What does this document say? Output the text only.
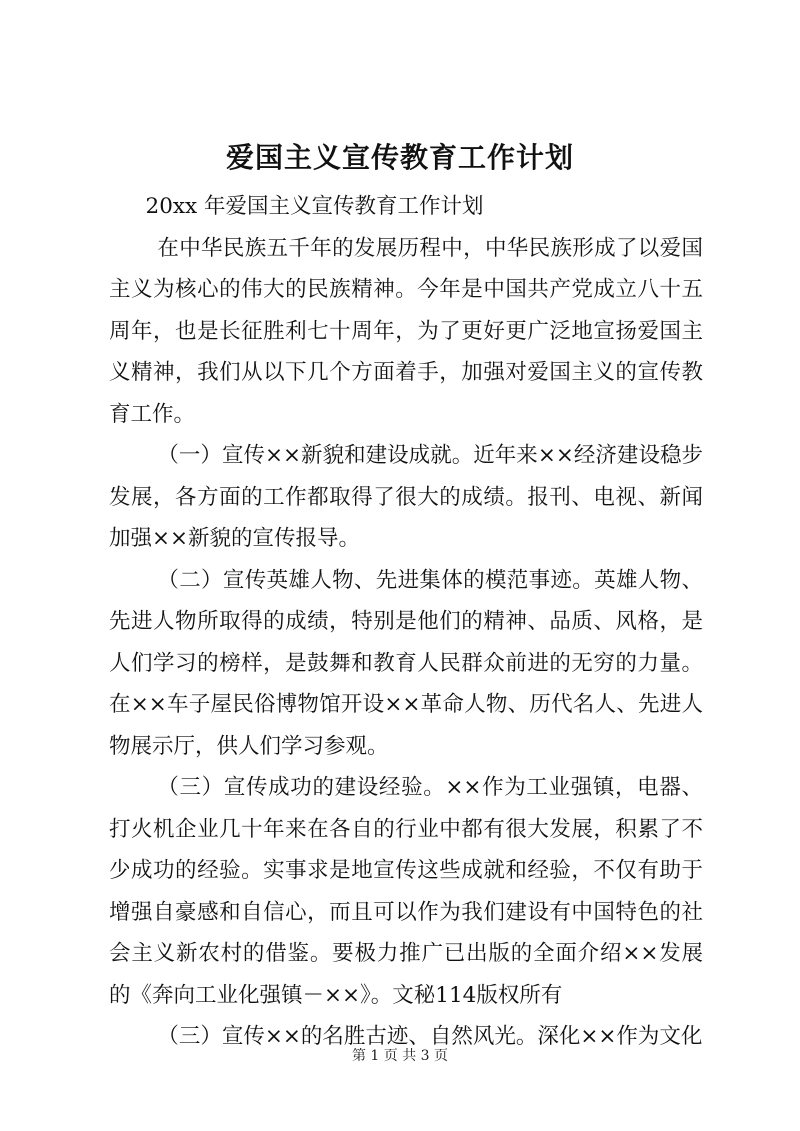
爱国主义宣传教育工作计划

20xx 年爱国主义宣传教育工作计划

在中华民族五千年的发展历程中，中华民族形成了以爱国主义为核心的伟大的民族精神。今年是中国共产党成立八十五周年，也是长征胜利七十周年，为了更好更广泛地宣扬爱国主义精神，我们从以下几个方面着手，加强对爱国主义的宣传教育工作。

（一）宣传××新貌和建设成就。近年来××经济建设稳步发展，各方面的工作都取得了很大的成绩。报刊、电视、新闻加强××新貌的宣传报导。

（二）宣传英雄人物、先进集体的模范事迹。英雄人物、先进人物所取得的成绩，特别是他们的精神、品质、风格，是人们学习的榜样，是鼓舞和教育人民群众前进的无穷的力量。在××车子屋民俗博物馆开设××革命人物、历代名人、先进人物展示厅，供人们学习参观。

（三）宣传成功的建设经验。××作为工业强镇，电器、打火机企业几十年来在各自的行业中都有很大发展，积累了不少成功的经验。实事求是地宣传这些成就和经验，不仅有助于增强自豪感和自信心，而且可以作为我们建设有中国特色的社会主义新农村的借鉴。要极力推广已出版的全面介绍××发展的《奔向工业化强镇－××》。文秘114版权所有

（三）宣传××的名胜古迹、自然风光。深化××作为文化

第 1 页 共 3 页
